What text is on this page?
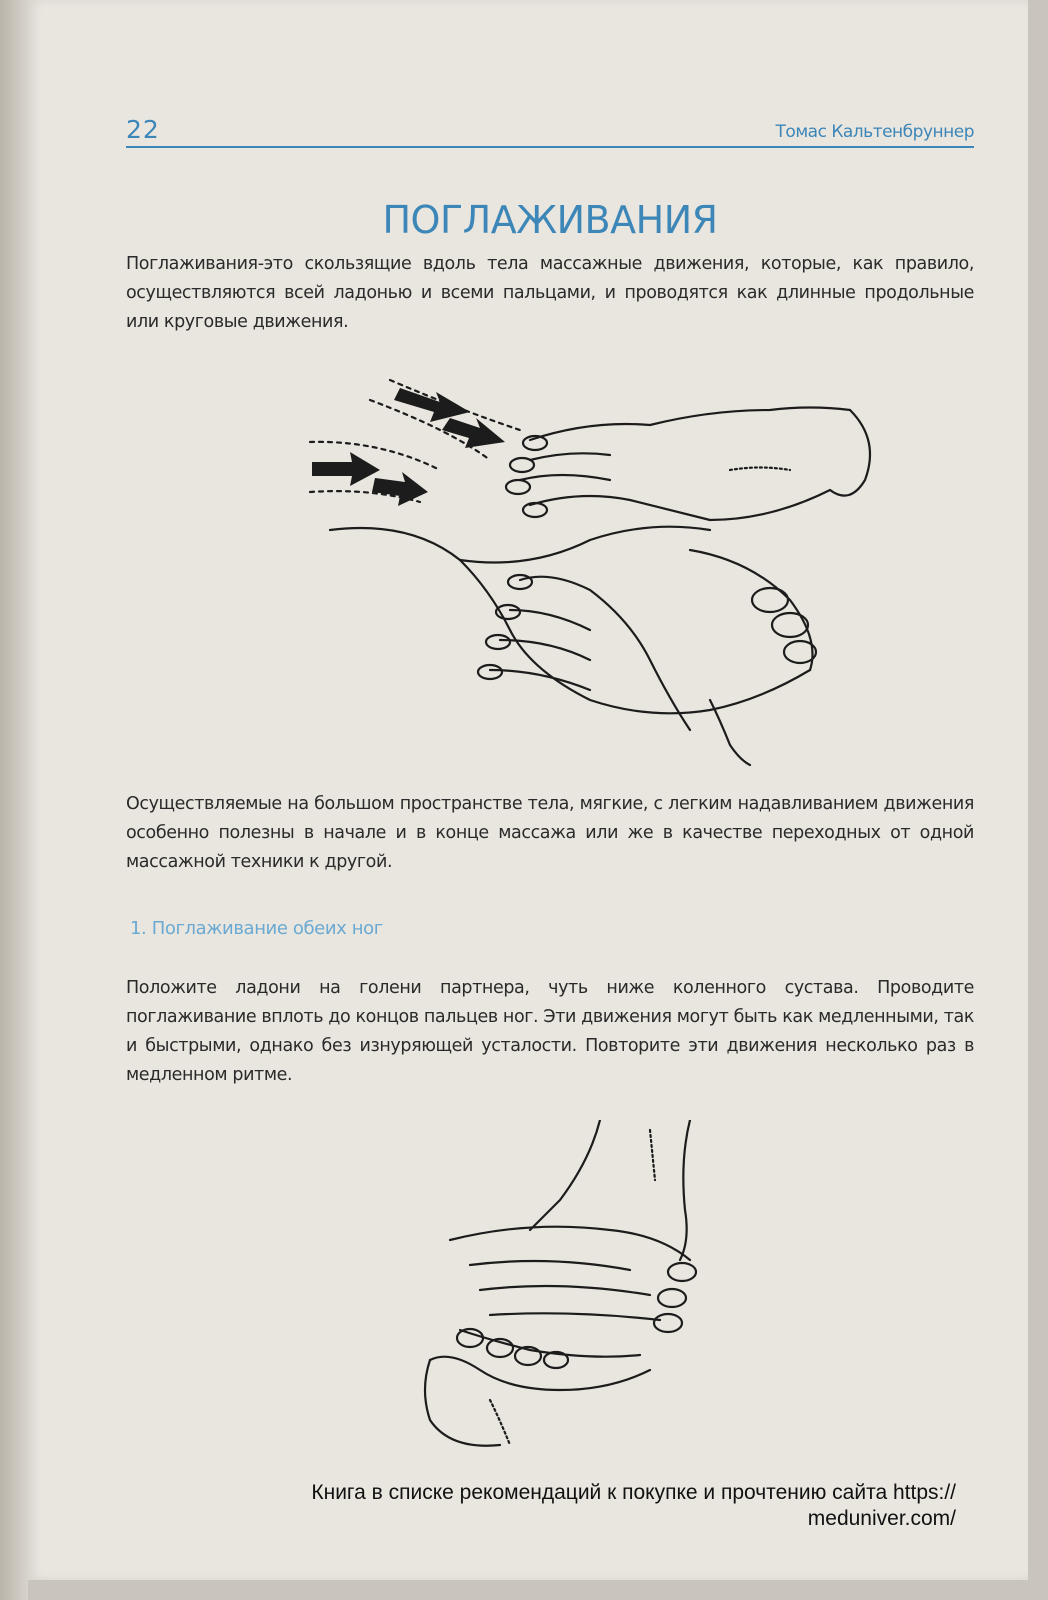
22	Томас Кальтенбруннер
ПОГЛАЖИВАНИЯ

Поглаживания-это скользящие вдоль тела массажные движения, которые, как правило, осуществляются всей ладонью и всеми пальцами, и проводятся как длинные продольные или круговые движения.

Осуществляемые на большом пространстве тела, мягкие, с легким надавливанием движения особенно полезны в начале и в конце массажа или же в качестве переходных от одной массажной техники к другой.

1. Поглаживание обеих ног

Положите ладони на голени партнера, чуть ниже коленного сустава. Проводите поглаживание вплоть до концов пальцев ног. Эти движения могут быть как медленными, так и быстрыми, однако без изнуряющей усталости. Повторите эти движения несколько раз в медленном ритме.

Книга в списке рекомендаций к покупке и прочтению сайта https://
meduniver.com/
